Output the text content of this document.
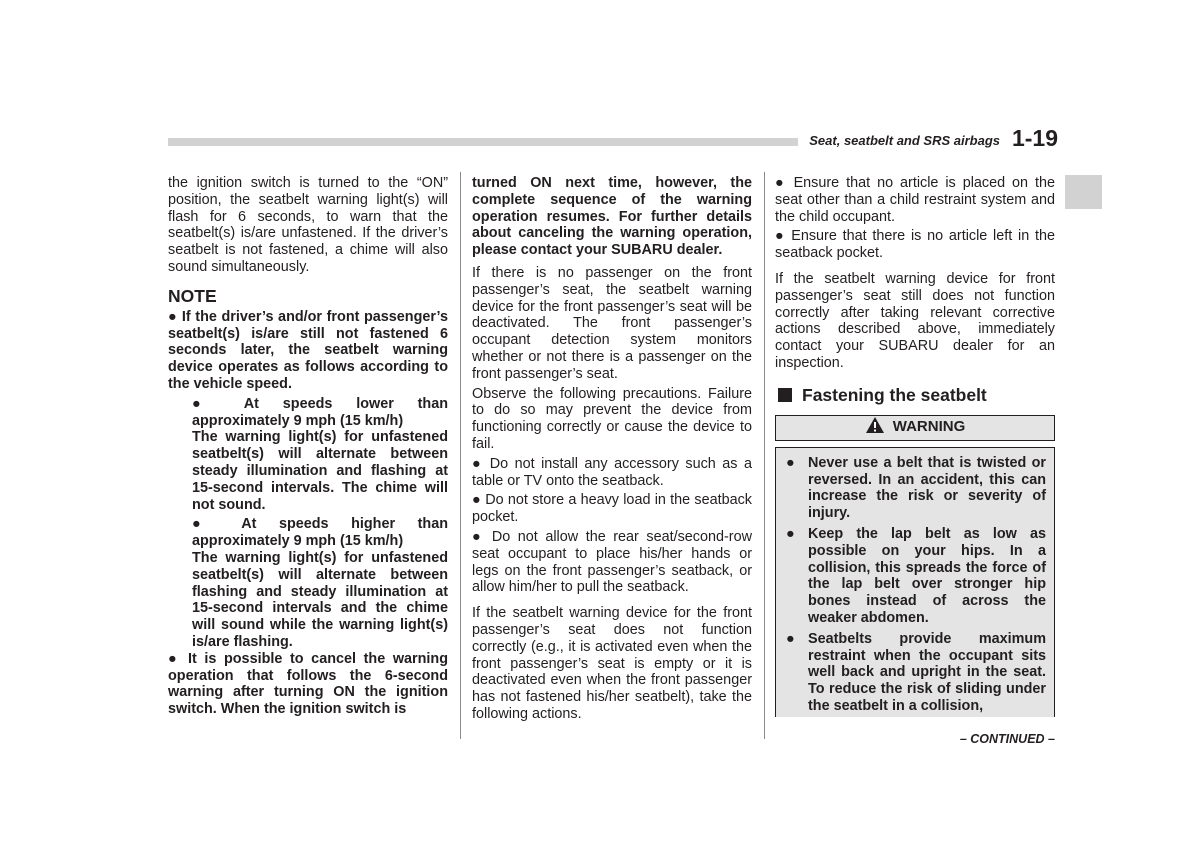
Seat, seatbelt and SRS airbags 1-19

the ignition switch is turned to the “ON” position, the seatbelt warning light(s) will flash for 6 seconds, to warn that the seatbelt(s) is/are unfastened. If the driver’s seatbelt is not fastened, a chime will also sound simultaneously.

NOTE

● If the driver’s and/or front passenger’s seatbelt(s) is/are still not fastened 6 seconds later, the seatbelt warning device operates as follows according to the vehicle speed.

● At speeds lower than approximately 9 mph (15 km/h)

The warning light(s) for unfastened seatbelt(s) will alternate between steady illumination and flashing at 15-second intervals. The chime will not sound.

● At speeds higher than approximately 9 mph (15 km/h)

The warning light(s) for unfastened seatbelt(s) will alternate between flashing and steady illumination at 15-second intervals and the chime will sound while the warning light(s) is/are flashing.

● It is possible to cancel the warning operation that follows the 6-second warning after turning ON the ignition switch. When the ignition switch is

turned ON next time, however, the complete sequence of the warning operation resumes. For further details about canceling the warning operation, please contact your SUBARU dealer.

If there is no passenger on the front passenger’s seat, the seatbelt warning device for the front passenger’s seat will be deactivated. The front passenger’s occupant detection system monitors whether or not there is a passenger on the front passenger’s seat.

Observe the following precautions. Failure to do so may prevent the device from functioning correctly or cause the device to fail.

● Do not install any accessory such as a table or TV onto the seatback.

● Do not store a heavy load in the seatback pocket.

● Do not allow the rear seat/second-row seat occupant to place his/her hands or legs on the front passenger’s seatback, or allow him/her to pull the seatback.

If the seatbelt warning device for the front passenger’s seat does not function correctly (e.g., it is activated even when the front passenger’s seat is empty or it is deactivated even when the front passenger has not fastened his/her seatbelt), take the following actions.

● Ensure that no article is placed on the seat other than a child restraint system and the child occupant.

● Ensure that there is no article left in the seatback pocket.

If the seatbelt warning device for front passenger’s seat still does not function correctly after taking relevant corrective actions described above, immediately contact your SUBARU dealer for an inspection.

Fastening the seatbelt
WARNING
● Never use a belt that is twisted or reversed. In an accident, this can increase the risk or severity of injury.
● Keep the lap belt as low as possible on your hips. In a collision, this spreads the force of the lap belt over stronger hip bones instead of across the weaker abdomen.
● Seatbelts provide maximum restraint when the occupant sits well back and upright in the seat. To reduce the risk of sliding under the seatbelt in a collision,
– CONTINUED –
